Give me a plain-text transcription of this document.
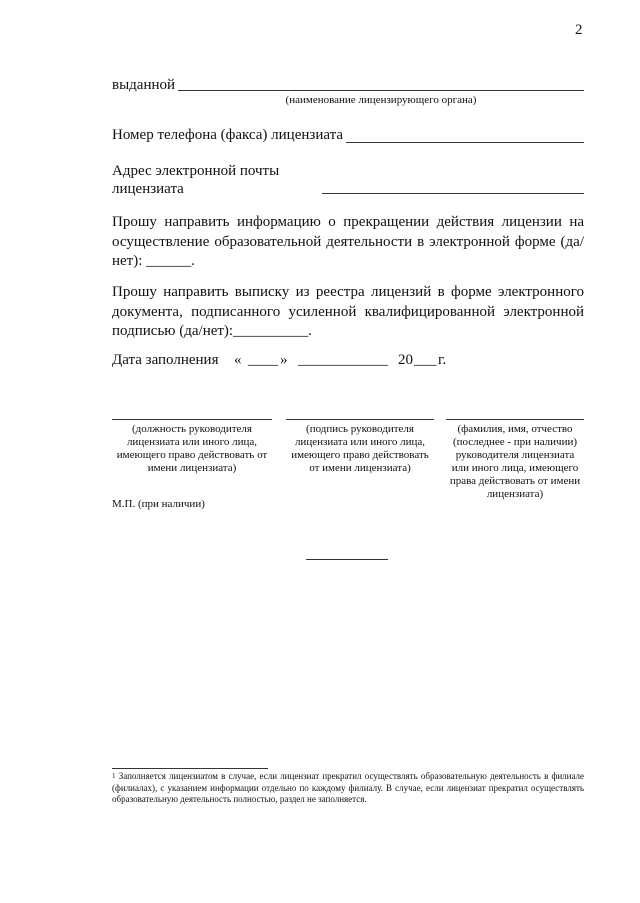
2
выданной
(наименование лицензирующего органа)
Номер телефона (факса) лицензиата
Адрес электронной почты
лицензиата
Прошу направить информацию о прекращении действия лицензии на осуществление образовательной деятельности в электронной форме (да/нет): ______.
Прошу направить выписку из реестра лицензий в форме электронного документа, подписанного усиленной квалифицированной электронной подписью (да/нет):__________.
Дата заполнения « ____ » ____________ 20 ___ г.
(должность руководителя лицензиата или иного лица, имеющего право действовать от имени лицензиата)
(подпись руководителя лицензиата или иного лица, имеющего право действовать от имени лицензиата)
(фамилия, имя, отчество (последнее - при наличии) руководителя лицензиата или иного лица, имеющего права действовать от имени лицензиата)
М.П. (при наличии)
$^1$ Заполняется лицензиатом в случае, если лицензиат прекратил осуществлять образовательную деятельность в филиале (филиалах), с указанием информации отдельно по каждому филиалу. В случае, если лицензиат прекратил осуществлять образовательную деятельность полностью, раздел не заполняется.
